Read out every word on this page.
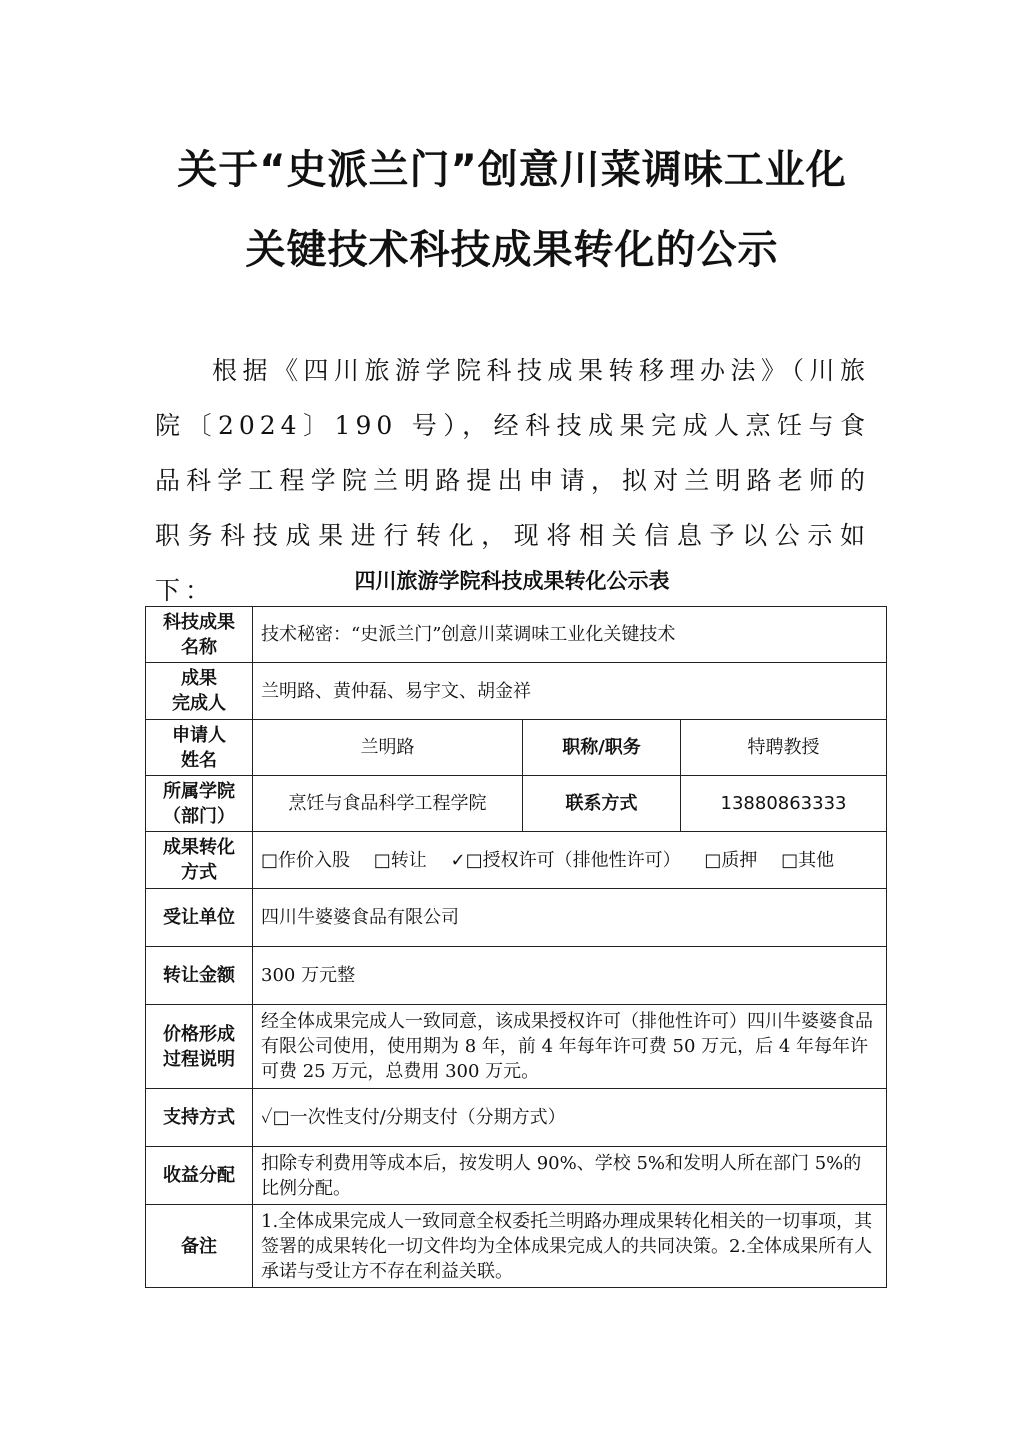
关于“史派兰门”创意川菜调味工业化
关键技术科技成果转化的公示

根据《四川旅游学院科技成果转移理办法》（川旅院〔2024〕190 号），经科技成果完成人烹饪与食品科学工程学院兰明路提出申请，拟对兰明路老师的职务科技成果进行转化，现将相关信息予以公示如下：	四川旅游学院科技成果转化公示表

科技成果
名称	技术秘密：“史派兰门”创意川菜调味工业化关键技术		

成果
完成人	兰明路、黄仲磊、易宇文、胡金祥		

申请人
姓名	兰明路	职称/职务	特聘教授

所属学院
（部门）	烹饪与食品科学工程学院	联系方式	13880863333

成果转化
方式	□作价入股 □转让 ✓□授权许可（排他性许可） □质押 □其他		
受让单位	四川牛婆婆食品有限公司		
转让金额	300 万元整		

价格形成
过程说明	经全体成果完成人一致同意，该成果授权许可（排他性许可）四川牛婆婆食品有限公司使用，使用期为 8 年，前 4 年每年许可费 50 万元，后 4 年每年许可费 25 万元，总费用 300 万元。		
支持方式	✓□一次性支付/分期支付（分期方式）		
收益分配	扣除专利费用等成本后，按发明人 90%、学校 5%和发明人所在部门 5%的比例分配。		
备注	1.全体成果完成人一致同意全权委托兰明路办理成果转化相关的一切事项，其签署的成果转化一切文件均为全体成果完成人的共同决策。2.全体成果所有人承诺与受让方不存在利益关联。		
